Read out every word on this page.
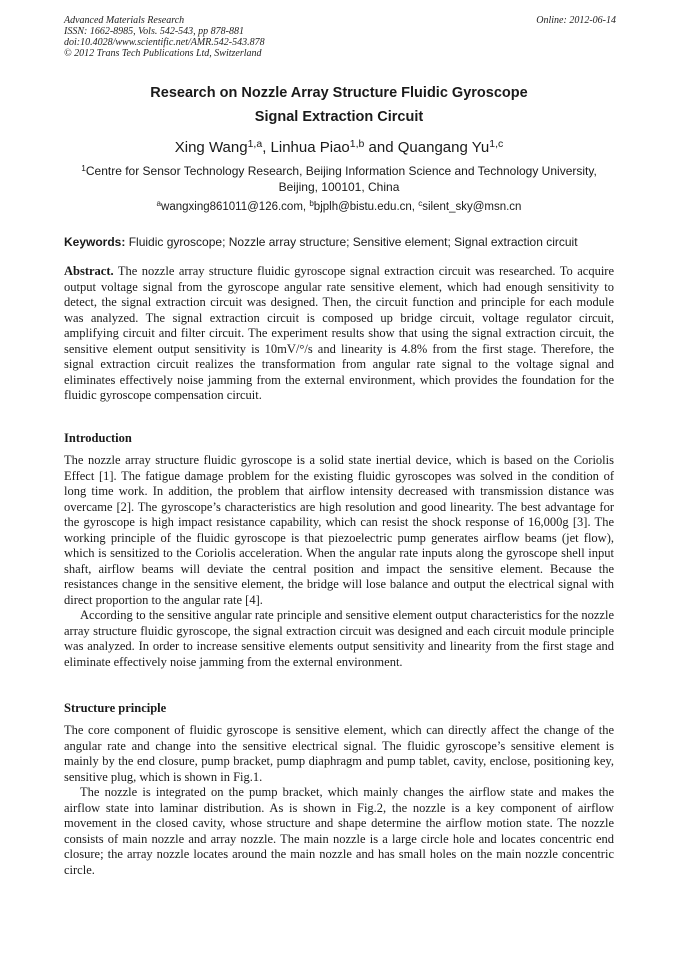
Advanced Materials Research
ISSN: 1662-8985, Vols. 542-543, pp 878-881
doi:10.4028/www.scientific.net/AMR.542-543.878
© 2012 Trans Tech Publications Ltd, Switzerland
Online: 2012-06-14
Research on Nozzle Array Structure Fluidic Gyroscope
Signal Extraction Circuit
Xing Wang$^{1,a}$, Linhua Piao$^{1,b}$ and Quangang Yu$^{1,c}$
$^1$Centre for Sensor Technology Research, Beijing Information Science and Technology University, Beijing, 100101, China
$^a$wangxing861011@126.com, $^b$bjplh@bistu.edu.cn, $^c$silent_sky@msn.cn
Keywords: Fluidic gyroscope; Nozzle array structure; Sensitive element; Signal extraction circuit
Abstract. The nozzle array structure fluidic gyroscope signal extraction circuit was researched. To acquire output voltage signal from the gyroscope angular rate sensitive element, which had enough sensitivity to detect, the signal extraction circuit was designed. Then, the circuit function and principle for each module was analyzed. The signal extraction circuit is composed up bridge circuit, voltage regulator circuit, amplifying circuit and filter circuit. The experiment results show that using the signal extraction circuit, the sensitive element output sensitivity is 10mV/°/s and linearity is 4.8% from the first stage. Therefore, the signal extraction circuit realizes the transformation from angular rate signal to the voltage signal and eliminates effectively noise jamming from the external environment, which provides the foundation for the fluidic gyroscope compensation circuit.
Introduction

The nozzle array structure fluidic gyroscope is a solid state inertial device, which is based on the Coriolis Effect [1]. The fatigue damage problem for the existing fluidic gyroscopes was solved in the condition of long time work. In addition, the problem that airflow intensity decreased with transmission distance was overcame [2]. The gyroscope’s characteristics are high resolution and good linearity. The best advantage for the gyroscope is high impact resistance capability, which can resist the shock response of 16,000g [3]. The working principle of the fluidic gyroscope is that piezoelectric pump generates airflow beams (jet flow), which is sensitized to the Coriolis acceleration. When the angular rate inputs along the gyroscope shell input shaft, airflow beams will deviate the central position and impact the sensitive element. Because the resistances change in the sensitive element, the bridge will lose balance and output the electrical signal with direct proportion to the angular rate [4].

According to the sensitive angular rate principle and sensitive element output characteristics for the nozzle array structure fluidic gyroscope, the signal extraction circuit was designed and each circuit module principle was analyzed. In order to increase sensitive elements output sensitivity and linearity from the first stage and eliminate effectively noise jamming from the external environment.

Structure principle

The core component of fluidic gyroscope is sensitive element, which can directly affect the change of the angular rate and change into the sensitive electrical signal. The fluidic gyroscope’s sensitive element is mainly by the end closure, pump bracket, pump diaphragm and pump tablet, cavity, enclose, positioning key, sensitive plug, which is shown in Fig.1.

The nozzle is integrated on the pump bracket, which mainly changes the airflow state and makes the airflow state into laminar distribution. As is shown in Fig.2, the nozzle is a key component of airflow movement in the closed cavity, whose structure and shape determine the airflow motion state. The nozzle consists of main nozzle and array nozzle. The main nozzle is a large circle hole and locates concentric end closure; the array nozzle locates around the main nozzle and has small holes on the main nozzle concentric circle.
